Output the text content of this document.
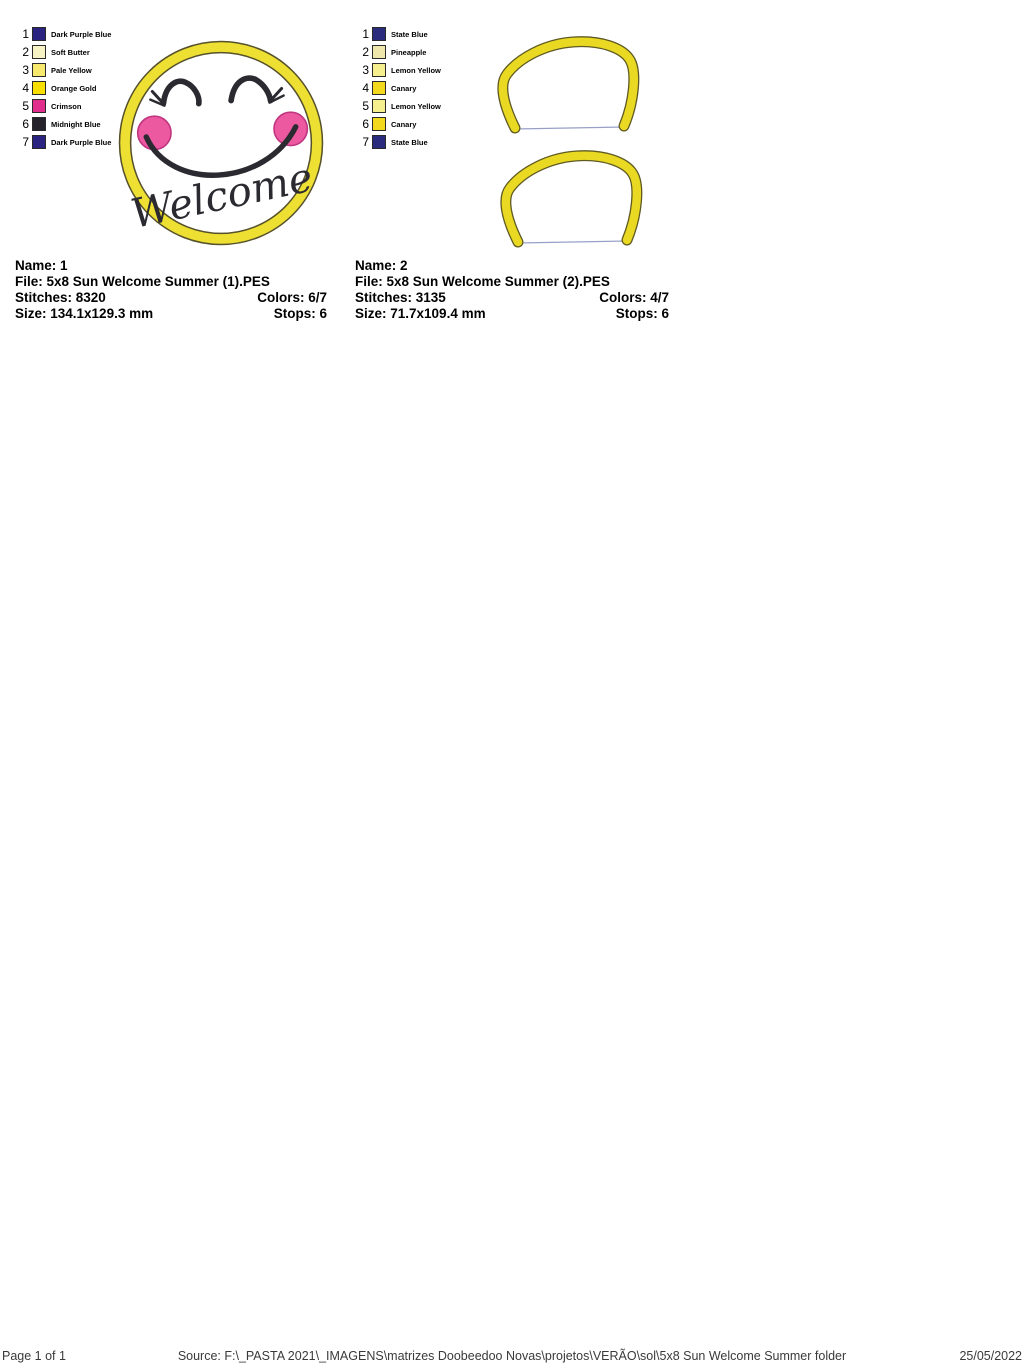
1	Dark Purple Blue
2	Soft Butter
3	Pale Yellow
4	Orange Gold
5	Crimson
6	Midnight Blue
7	Dark Purple Blue
1	State Blue
2	Pineapple
3	Lemon Yellow
4	Canary
5	Lemon Yellow
6	Canary
7	State Blue
Welcome
Name: 1
File: 5x8 Sun Welcome Summer (1).PES
Stitches: 8320	Colors: 6/7
Size: 134.1x129.3 mm	Stops: 6
Name: 2
File: 5x8 Sun Welcome Summer (2).PES
Stitches: 3135	Colors: 4/7
Size: 71.7x109.4 mm	Stops: 6
Page 1 of 1	Source: F:\_PASTA 2021\_IMAGENS\matrizes Doobeedoo Novas\projetos\VERÃO\sol\5x8 Sun Welcome Summer folder	25/05/2022
